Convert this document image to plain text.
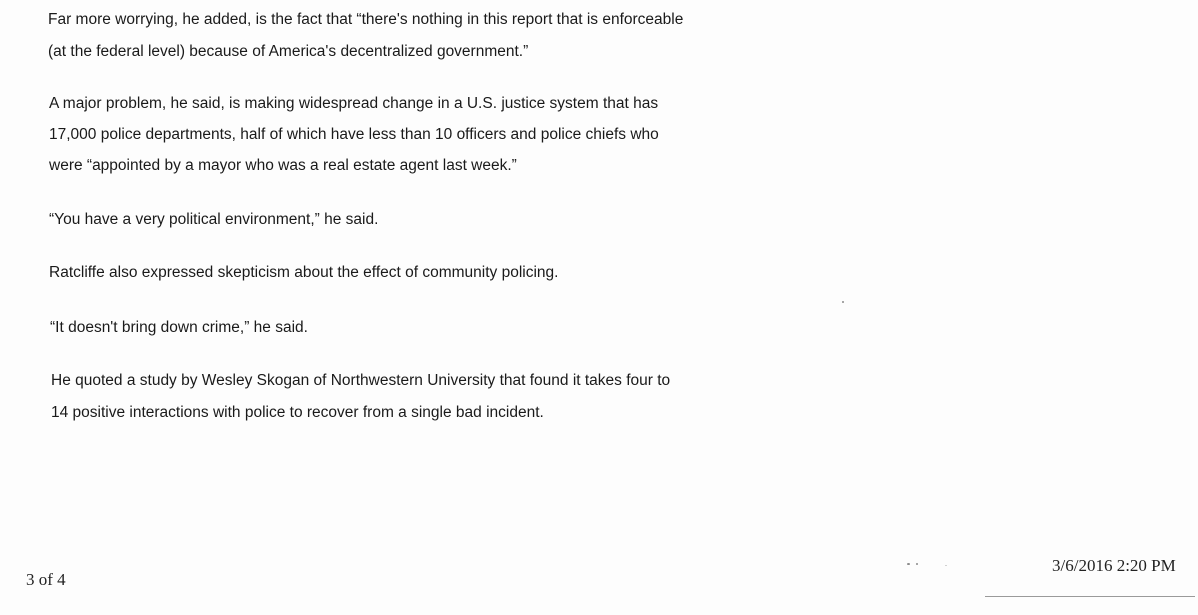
Far more worrying, he added, is the fact that “there's nothing in this report that is enforceable
(at the federal level) because of America's decentralized government.”
A major problem, he said, is making widespread change in a U.S. justice system that has
17,000 police departments, half of which have less than 10 officers and police chiefs who
were “appointed by a mayor who was a real estate agent last week.”
“You have a very political environment,” he said.
Ratcliffe also expressed skepticism about the effect of community policing.
“It doesn't bring down crime,” he said.
He quoted a study by Wesley Skogan of Northwestern University that found it takes four to
14 positive interactions with police to recover from a single bad incident.
3 of 4
3/6/2016 2:20 PM
